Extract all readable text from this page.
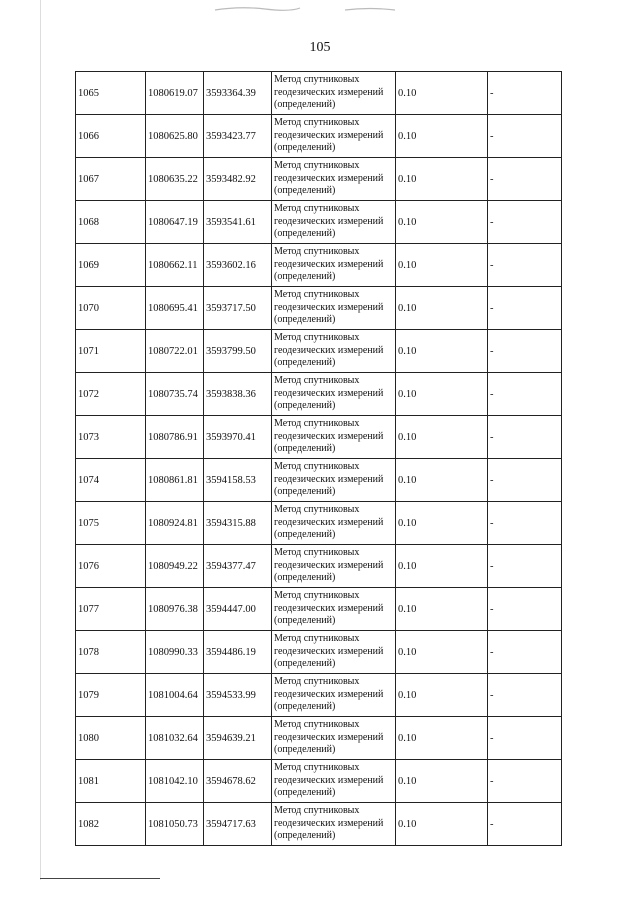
105
1065	1080619.07	3593364.39	Метод спутниковых геодезических измерений (определений)	0.10	-
1066	1080625.80	3593423.77	Метод спутниковых геодезических измерений (определений)	0.10	-
1067	1080635.22	3593482.92	Метод спутниковых геодезических измерений (определений)	0.10	-
1068	1080647.19	3593541.61	Метод спутниковых геодезических измерений (определений)	0.10	-
1069	1080662.11	3593602.16	Метод спутниковых геодезических измерений (определений)	0.10	-
1070	1080695.41	3593717.50	Метод спутниковых геодезических измерений (определений)	0.10	-
1071	1080722.01	3593799.50	Метод спутниковых геодезических измерений (определений)	0.10	-
1072	1080735.74	3593838.36	Метод спутниковых геодезических измерений (определений)	0.10	-
1073	1080786.91	3593970.41	Метод спутниковых геодезических измерений (определений)	0.10	-
1074	1080861.81	3594158.53	Метод спутниковых геодезических измерений (определений)	0.10	-
1075	1080924.81	3594315.88	Метод спутниковых геодезических измерений (определений)	0.10	-
1076	1080949.22	3594377.47	Метод спутниковых геодезических измерений (определений)	0.10	-
1077	1080976.38	3594447.00	Метод спутниковых геодезических измерений (определений)	0.10	-
1078	1080990.33	3594486.19	Метод спутниковых геодезических измерений (определений)	0.10	-
1079	1081004.64	3594533.99	Метод спутниковых геодезических измерений (определений)	0.10	-
1080	1081032.64	3594639.21	Метод спутниковых геодезических измерений (определений)	0.10	-
1081	1081042.10	3594678.62	Метод спутниковых геодезических измерений (определений)	0.10	-
1082	1081050.73	3594717.63	Метод спутниковых геодезических измерений (определений)	0.10	-
